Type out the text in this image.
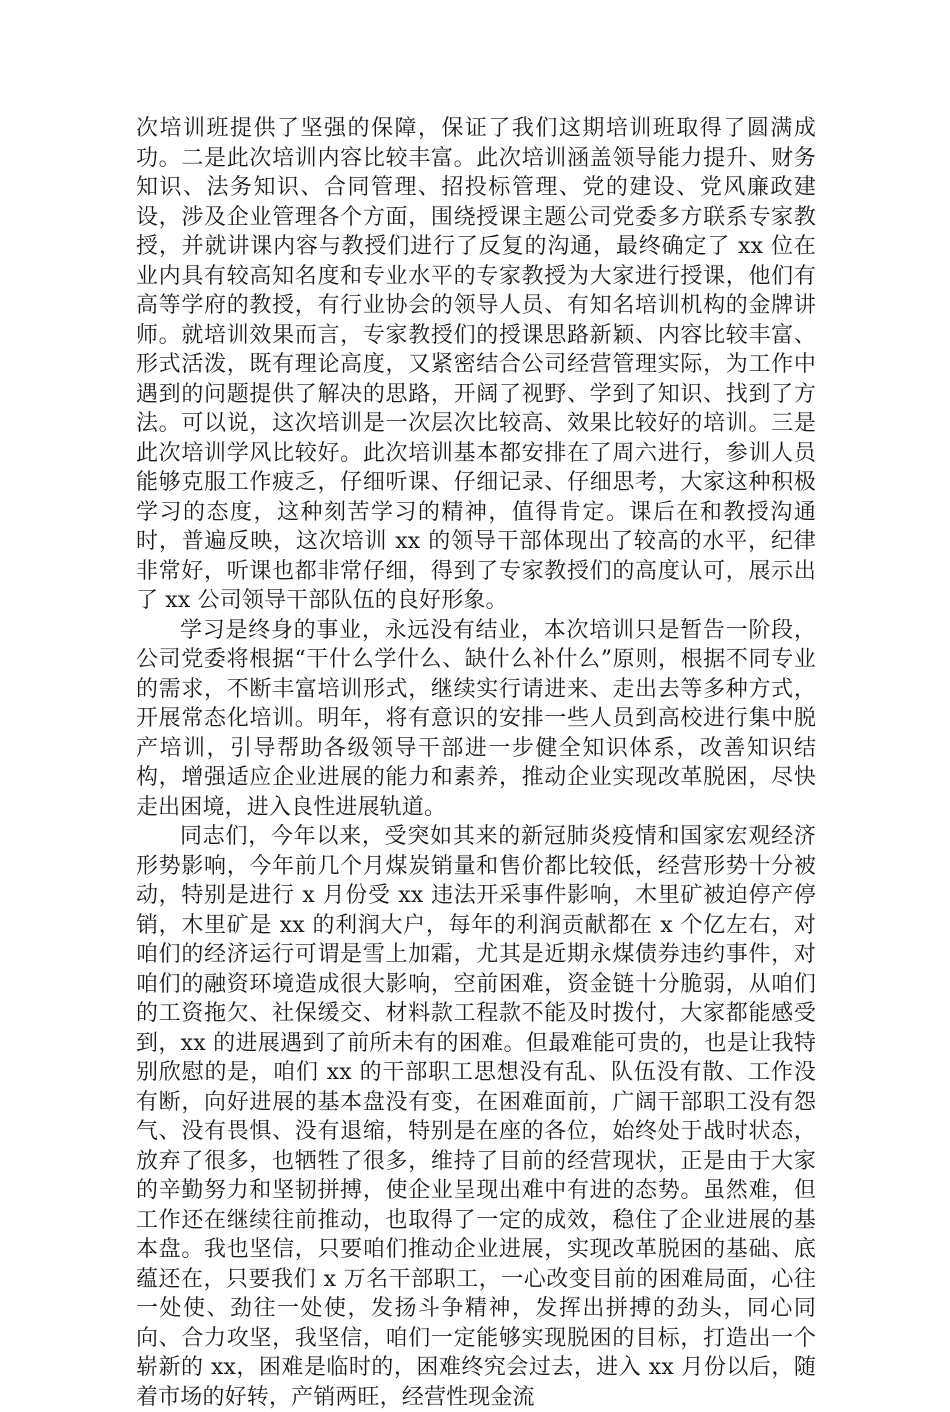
次培训班提供了坚强的保障，保证了我们这期培训班取得了圆满成功。二是此次培训内容比较丰富。此次培训涵盖领导能力提升、财务知识、法务知识、合同管理、招投标管理、党的建设、党风廉政建设，涉及企业管理各个方面，围绕授课主题公司党委多方联系专家教授，并就讲课内容与教授们进行了反复的沟通，最终确定了 xx 位在业内具有较高知名度和专业水平的专家教授为大家进行授课，他们有高等学府的教授，有行业协会的领导人员、有知名培训机构的金牌讲师。就培训效果而言，专家教授们的授课思路新颖、内容比较丰富、形式活泼，既有理论高度，又紧密结合公司经营管理实际，为工作中遇到的问题提供了解决的思路，开阔了视野、学到了知识、找到了方法。可以说，这次培训是一次层次比较高、效果比较好的培训。三是此次培训学风比较好。此次培训基本都安排在了周六进行，参训人员能够克服工作疲乏，仔细听课、仔细记录、仔细思考，大家这种积极学习的态度，这种刻苦学习的精神，值得肯定。课后在和教授沟通时，普遍反映，这次培训 xx 的领导干部体现出了较高的水平，纪律非常好，听课也都非常仔细，得到了专家教授们的高度认可，展示出了 xx 公司领导干部队伍的良好形象。

学习是终身的事业，永远没有结业，本次培训只是暂告一阶段，公司党委将根据“干什么学什么、缺什么补什么”原则，根据不同专业的需求，不断丰富培训形式，继续实行请进来、走出去等多种方式，开展常态化培训。明年，将有意识的安排一些人员到高校进行集中脱产培训，引导帮助各级领导干部进一步健全知识体系，改善知识结构，增强适应企业进展的能力和素养，推动企业实现改革脱困，尽快走出困境，进入良性进展轨道。

同志们，今年以来，受突如其来的新冠肺炎疫情和国家宏观经济形势影响，今年前几个月煤炭销量和售价都比较低，经营形势十分被动，特别是进行 x 月份受 xx 违法开采事件影响，木里矿被迫停产停销，木里矿是 xx 的利润大户，每年的利润贡献都在 x 个亿左右，对咱们的经济运行可谓是雪上加霜，尤其是近期永煤债券违约事件，对咱们的融资环境造成很大影响，空前困难，资金链十分脆弱，从咱们的工资拖欠、社保缓交、材料款工程款不能及时拨付，大家都能感受到，xx 的进展遇到了前所未有的困难。但最难能可贵的，也是让我特别欣慰的是，咱们 xx 的干部职工思想没有乱、队伍没有散、工作没有断，向好进展的基本盘没有变，在困难面前，广阔干部职工没有怨气、没有畏惧、没有退缩，特别是在座的各位，始终处于战时状态，放弃了很多，也牺牲了很多，维持了目前的经营现状，正是由于大家的辛勤努力和坚韧拼搏，使企业呈现出难中有进的态势。虽然难，但工作还在继续往前推动，也取得了一定的成效，稳住了企业进展的基本盘。我也坚信，只要咱们推动企业进展，实现改革脱困的基础、底蕴还在，只要我们 x 万名干部职工，一心改变目前的困难局面，心往一处使、劲往一处使，发扬斗争精神，发挥出拼搏的劲头，同心同向、合力攻坚，我坚信，咱们一定能够实现脱困的目标，打造出一个崭新的 xx，困难是临时的，困难终究会过去，进入 xx 月份以后，随着市场的好转，产销两旺，经营性现金流
